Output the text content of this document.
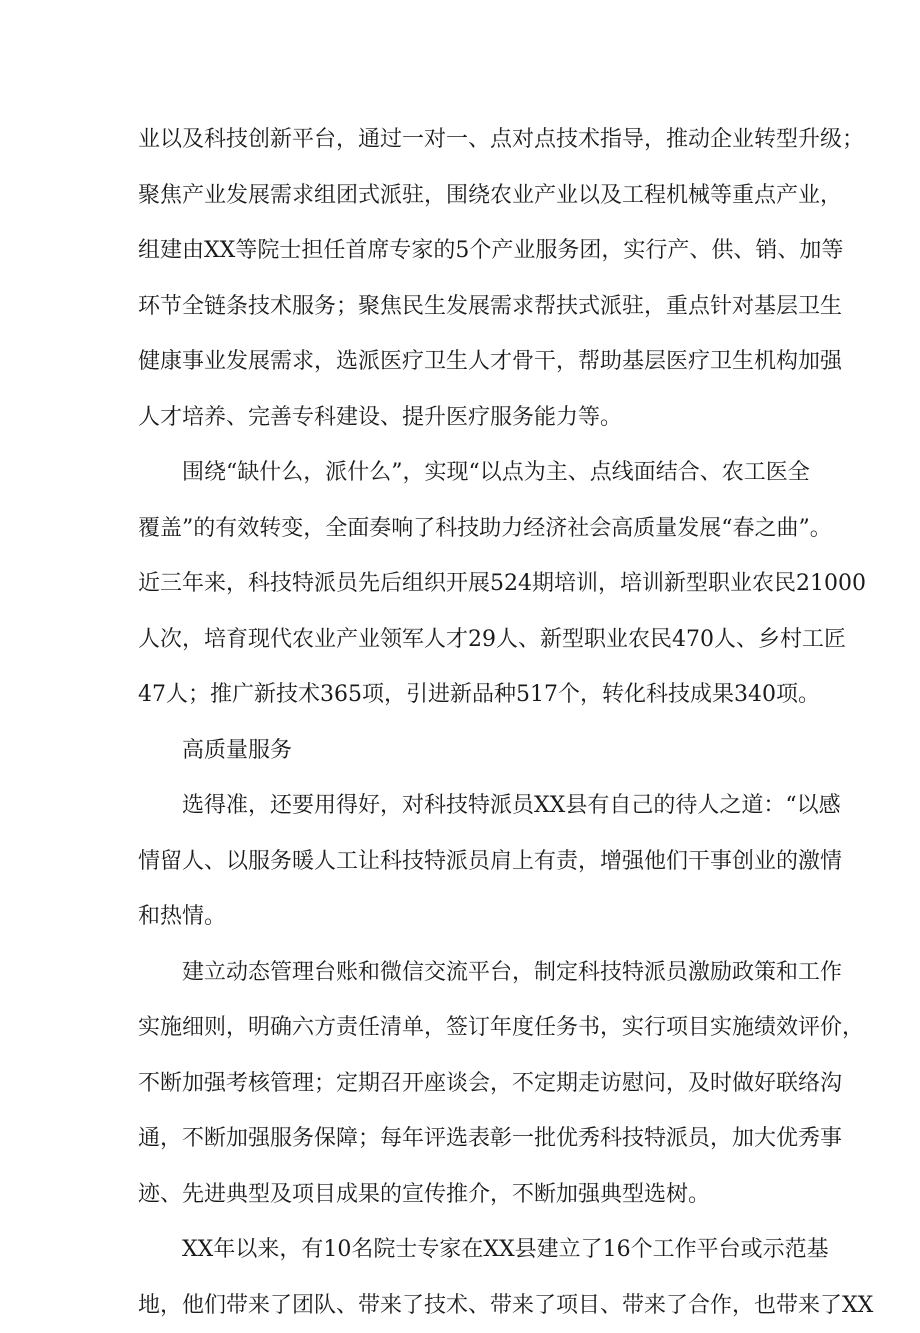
业以及科技创新平台，通过一对一、点对点技术指导，推动企业转型升级；
聚焦产业发展需求组团式派驻，围绕农业产业以及工程机械等重点产业，
组建由XX等院士担任首席专家的5个产业服务团，实行产、供、销、加等
环节全链条技术服务；聚焦民生发展需求帮扶式派驻，重点针对基层卫生
健康事业发展需求，选派医疗卫生人才骨干，帮助基层医疗卫生机构加强
人才培养、完善专科建设、提升医疗服务能力等。
围绕“缺什么，派什么”，实现“以点为主、点线面结合、农工医全
覆盖”的有效转变，全面奏响了科技助力经济社会高质量发展“春之曲”。
近三年来，科技特派员先后组织开展524期培训，培训新型职业农民21000
人次，培育现代农业产业领军人才29人、新型职业农民470人、乡村工匠
47人；推广新技术365项，引进新品种517个，转化科技成果340项。
高质量服务
选得准，还要用得好，对科技特派员XX县有自己的待人之道：“以感
情留人、以服务暖人工让科技特派员肩上有责，增强他们干事创业的激情
和热情。
建立动态管理台账和微信交流平台，制定科技特派员激励政策和工作
实施细则，明确六方责任清单，签订年度任务书，实行项目实施绩效评价，
不断加强考核管理；定期召开座谈会，不定期走访慰问，及时做好联络沟
通，不断加强服务保障；每年评选表彰一批优秀科技特派员，加大优秀事
迹、先进典型及项目成果的宣传推介，不断加强典型选树。
XX年以来，有10名院士专家在XX县建立了16个工作平台或示范基
地，他们带来了团队、带来了技术、带来了项目、带来了合作，也带来了XX
